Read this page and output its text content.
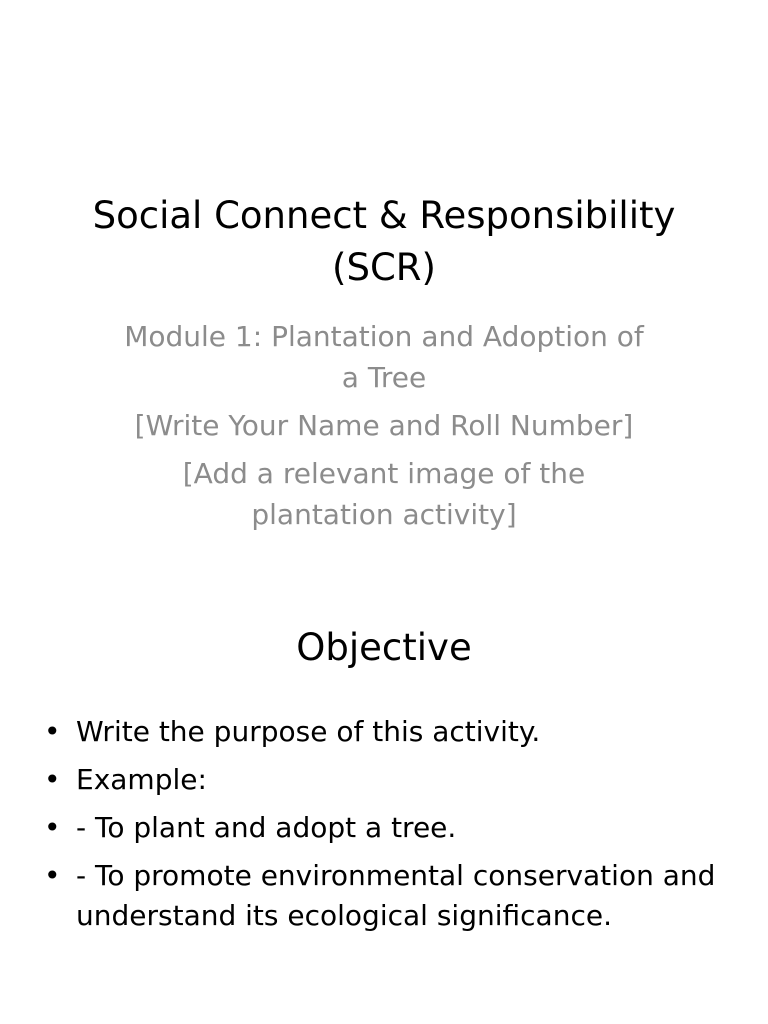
Social Connect & Responsibility (SCR)
Module 1: Plantation and Adoption of a Tree
[Write Your Name and Roll Number]
[Add a relevant image of the plantation activity]
Objective
• Write the purpose of this activity.
• Example:
• - To plant and adopt a tree.
• - To promote environmental conservation and understand its ecological significance.
